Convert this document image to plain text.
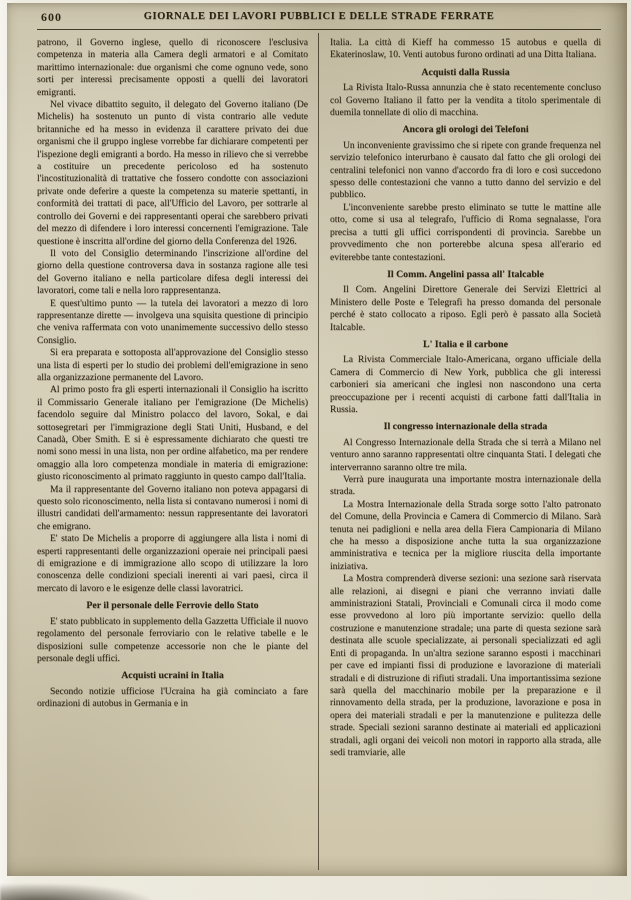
600	GIORNALE DEI LAVORI PUBBLICI E DELLE STRADE FERRATE
patrono, il Governo inglese, quello di riconoscere l'esclusiva competenza in materia alla Camera degli armatori e al Comitato marittimo internazionale: due organismi che come ognuno vede, sono sorti per interessi precisamente opposti a quelli dei lavoratori emigranti.
Nel vivace dibattito seguito, il delegato del Governo italiano (De Michelis) ha sostenuto un punto di vista contrario alle vedute britanniche ed ha messo in evidenza il carattere privato dei due organismi che il gruppo inglese vorrebbe far dichiarare competenti per l'ispezione degli emigranti a bordo. Ha messo in rilievo che si verrebbe a costituire un precedente pericoloso ed ha sostenuto l'incostituzionalità di trattative che fossero condotte con associazioni private onde deferire a queste la competenza su materie spettanti, in conformità dei trattati di pace, all'Ufficio del Lavoro, per sottrarle al controllo dei Governi e dei rappresentanti operai che sarebbero privati del mezzo di difendere i loro interessi concernenti l'emigrazione. Tale questione è inscritta all'ordine del giorno della Conferenza del 1926.
Il voto del Consiglio determinando l'inscrizione all'ordine del giorno della questione controversa dava in sostanza ragione alle tesi del Governo italiano e nella particolare difesa degli interessi dei lavoratori, come tali e nella loro rappresentanza.
E quest'ultimo punto — la tutela dei lavoratori a mezzo di loro rappresentanze dirette — involgeva una squisita questione di principio che veniva raffermata con voto unanimemente successivo dello stesso Consiglio.
Si era preparata e sottoposta all'approvazione del Consiglio stesso una lista di esperti per lo studio dei problemi dell'emigrazione in seno alla organizzazione permanente del Lavoro.
Al primo posto fra gli esperti internazionali il Consiglio ha iscritto il Commissario Generale italiano per l'emigrazione (De Michelis) facendolo seguire dal Ministro polacco del lavoro, Sokal, e dai sottosegretari per l'immigrazione degli Stati Uniti, Husband, e del Canadà, Ober Smith. E si è espressamente dichiarato che questi tre nomi sono messi in una lista, non per ordine alfabetico, ma per rendere omaggio alla loro competenza mondiale in materia di emigrazione: giusto riconoscimento al primato raggiunto in questo campo dall'Italia.
Ma il rappresentante del Governo italiano non poteva appagarsi di questo solo riconoscimento, nella lista si contavano numerosi i nomi di illustri candidati dell'armamento: nessun rappresentante dei lavoratori che emigrano.
E' stato De Michelis a proporre di aggiungere alla lista i nomi di esperti rappresentanti delle organizzazioni operaie nei principali paesi di emigrazione e di immigrazione allo scopo di utilizzare la loro conoscenza delle condizioni speciali inerenti ai vari paesi, circa il mercato di lavoro e le esigenze delle classi lavoratrici.
Per il personale delle Ferrovie dello Stato
E' stato pubblicato in supplemento della Gazzetta Ufficiale il nuovo regolamento del personale ferroviario con le relative tabelle e le disposizioni sulle competenze accessorie non che le piante del personale degli uffici.
Acquisti ucraini in Italia
Secondo notizie ufficiose l'Ucraina ha già cominciato a fare ordinazioni di autobus in Germania e in
Italia. La città di Kieff ha commesso 15 autobus e quella di Ekaterinoslaw, 10. Venti autobus furono ordinati ad una Ditta Italiana.
Acquisti dalla Russia
La Rivista Italo-Russa annunzia che è stato recentemente concluso col Governo Italiano il fatto per la vendita a titolo sperimentale di duemila tonnellate di olio di macchina.
Ancora gli orologi dei Telefoni
Un inconveniente gravissimo che si ripete con grande frequenza nel servizio telefonico interurbano è causato dal fatto che gli orologi dei centralini telefonici non vanno d'accordo fra di loro e così succedono spesso delle contestazioni che vanno a tutto danno del servizio e del pubblico.
L'inconveniente sarebbe presto eliminato se tutte le mattine alle otto, come si usa al telegrafo, l'ufficio di Roma segnalasse, l'ora precisa a tutti gli uffici corrispondenti di provincia. Sarebbe un provvedimento che non porterebbe alcuna spesa all'erario ed eviterebbe tante contestazioni.
Il Comm. Angelini passa all' Italcable
Il Com. Angelini Direttore Generale dei Servizi Elettrici al Ministero delle Poste e Telegrafi ha presso domanda del personale perché è stato collocato a riposo. Egli però è passato alla Società Italcable.
L' Italia e il carbone
La Rivista Commerciale Italo-Americana, organo ufficiale della Camera di Commercio di New York, pubblica che gli interessi carbonieri sia americani che inglesi non nascondono una certa preoccupazione per i recenti acquisti di carbone fatti dall'Italia in Russia.
Il congresso internazionale della strada
Al Congresso Internazionale della Strada che si terrà a Milano nel venturo anno saranno rappresentati oltre cinquanta Stati. I delegati che interverranno saranno oltre tre mila.
Verrà pure inaugurata una importante mostra internazionale della strada.
La Mostra Internazionale della Strada sorge sotto l'alto patronato del Comune, della Provincia e Camera di Commercio di Milano. Sarà tenuta nei padiglioni e nella area della Fiera Campionaria di Milano che ha messo a disposizione anche tutta la sua organizzazione amministrativa e tecnica per la migliore riuscita della importante iniziativa.
La Mostra comprenderà diverse sezioni: una sezione sarà riservata alle relazioni, ai disegni e piani che verranno inviati dalle amministrazioni Statali, Provinciali e Comunali circa il modo come esse provvedono al loro più importante servizio: quello della costruzione e manutenzione stradale; una parte di questa sezione sarà destinata alle scuole specializzate, ai personali specializzati ed agli Enti di propaganda. In un'altra sezione saranno esposti i macchinari per cave ed impianti fissi di produzione e lavorazione di materiali stradali e di distruzione di rifiuti stradali. Una importantissima sezione sarà quella del macchinario mobile per la preparazione e il rinnovamento della strada, per la produzione, lavorazione e posa in opera dei materiali stradali e per la manutenzione e pulitezza delle strade. Speciali sezioni saranno destinate ai materiali ed applicazioni stradali, agli organi dei veicoli non motori in rapporto alla strada, alle sedi tramviarie, alle
